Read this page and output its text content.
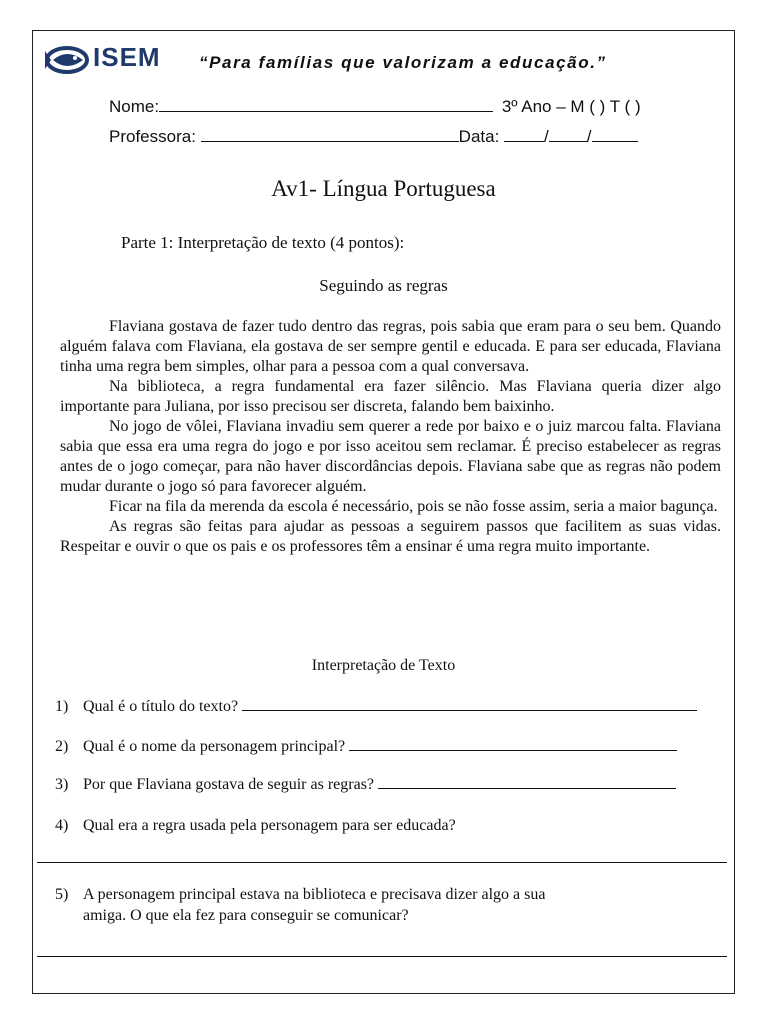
ISEM “Para famílias que valorizam a educação.”
Nome:	3º Ano – M ( ) T ( )
Professora:	Data:	/ /
Av1- Língua Portuguesa
Parte 1: Interpretação de texto (4 pontos):
Seguindo as regras

Flaviana gostava de fazer tudo dentro das regras, pois sabia que eram para o seu bem. Quando alguém falava com Flaviana, ela gostava de ser sempre gentil e educada. E para ser educada, Flaviana tinha uma regra bem simples, olhar para a pessoa com a qual conversava.

Na biblioteca, a regra fundamental era fazer silêncio. Mas Flaviana queria dizer algo importante para Juliana, por isso precisou ser discreta, falando bem baixinho.

No jogo de vôlei, Flaviana invadiu sem querer a rede por baixo e o juiz marcou falta. Flaviana sabia que essa era uma regra do jogo e por isso aceitou sem reclamar. É preciso estabelecer as regras antes de o jogo começar, para não haver discordâncias depois. Flaviana sabe que as regras não podem mudar durante o jogo só para favorecer alguém.

Ficar na fila da merenda da escola é necessário, pois se não fosse assim, seria a maior bagunça.

As regras são feitas para ajudar as pessoas a seguirem passos que facilitem as suas vidas. Respeitar e ouvir o que os pais e os professores têm a ensinar é uma regra muito importante.

Interpretação de Texto
1) Qual é o título do texto?
2) Qual é o nome da personagem principal?
3) Por que Flaviana gostava de seguir as regras?
4) Qual era a regra usada pela personagem para ser educada?
5) A personagem principal estava na biblioteca e precisava dizer algo a sua
amiga. O que ela fez para conseguir se comunicar?
